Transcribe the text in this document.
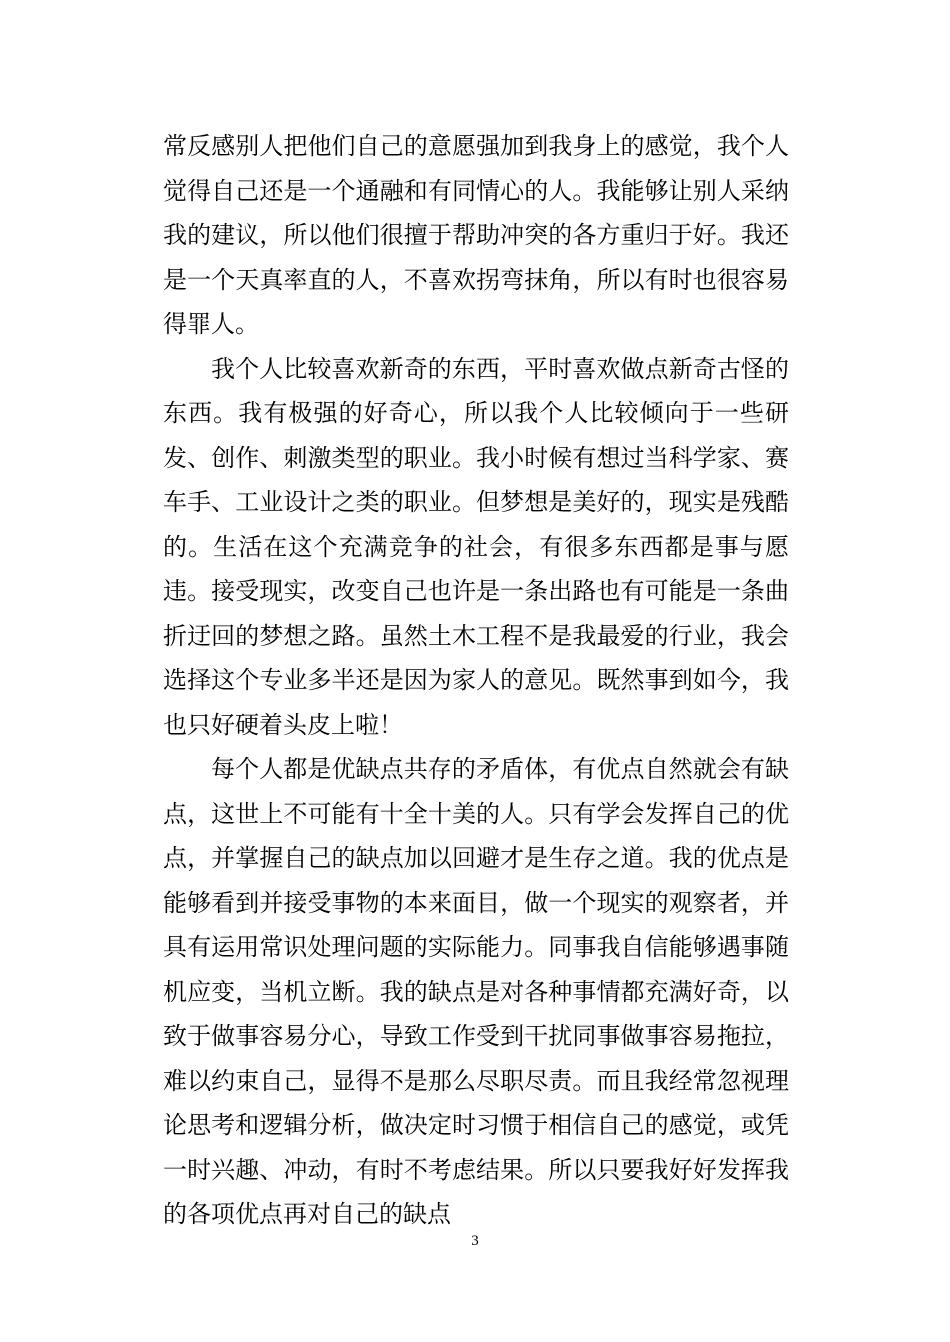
常反感别人把他们自己的意愿强加到我身上的感觉，我个人觉得自己还是一个通融和有同情心的人。我能够让别人采纳我的建议，所以他们很擅于帮助冲突的各方重归于好。我还是一个天真率直的人，不喜欢拐弯抹角，所以有时也很容易得罪人。

我个人比较喜欢新奇的东西，平时喜欢做点新奇古怪的东西。我有极强的好奇心，所以我个人比较倾向于一些研发、创作、刺激类型的职业。我小时候有想过当科学家、赛车手、工业设计之类的职业。但梦想是美好的，现实是残酷的。生活在这个充满竞争的社会，有很多东西都是事与愿违。接受现实，改变自己也许是一条出路也有可能是一条曲折迂回的梦想之路。虽然土木工程不是我最爱的行业，我会选择这个专业多半还是因为家人的意见。既然事到如今，我也只好硬着头皮上啦！

每个人都是优缺点共存的矛盾体，有优点自然就会有缺点，这世上不可能有十全十美的人。只有学会发挥自己的优点，并掌握自己的缺点加以回避才是生存之道。我的优点是能够看到并接受事物的本来面目，做一个现实的观察者，并具有运用常识处理问题的实际能力。同事我自信能够遇事随机应变，当机立断。我的缺点是对各种事情都充满好奇，以致于做事容易分心，导致工作受到干扰同事做事容易拖拉，难以约束自己，显得不是那么尽职尽责。而且我经常忽视理论思考和逻辑分析，做决定时习惯于相信自己的感觉，或凭一时兴趣、冲动，有时不考虑结果。所以只要我好好发挥我的各项优点再对自己的缺点

3
